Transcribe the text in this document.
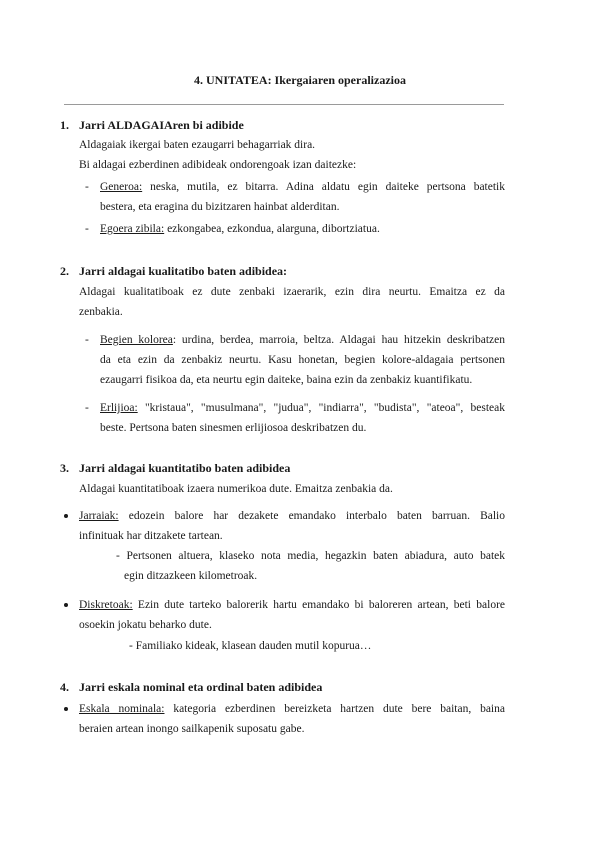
4. UNITATEA: Ikergaiaren operalizazioa
1. Jarri ALDAGAIAren bi adibide
Aldagaiak ikergai baten ezaugarri behagarriak dira.
Bi aldagai ezberdinen adibideak ondorengoak izan daitezke:
- Generoa: neska, mutila, ez bitarra. Adina aldatu egin daiteke pertsona batetik
bestera, eta eragina du bizitzaren hainbat alderditan.
- Egoera zibila: ezkongabea, ezkondua, alarguna, dibortziatua.
2. Jarri aldagai kualitatibo baten adibidea:
Aldagai kualitatiboak ez dute zenbaki izaerarik, ezin dira neurtu. Emaitza ez da
zenbakia.
- Begien kolorea: urdina, berdea, marroia, beltza. Aldagai hau hitzekin deskribatzen
da eta ezin da zenbakiz neurtu. Kasu honetan, begien kolore-aldagaia pertsonen
ezaugarri fisikoa da, eta neurtu egin daiteke, baina ezin da zenbakiz kuantifikatu.
- Erlijioa: "kristaua", "musulmana", "judua", "indiarra", "budista", "ateoa", besteak
beste. Pertsona baten sinesmen erlijiosoa deskribatzen du.
3. Jarri aldagai kuantitatibo baten adibidea
Aldagai kuantitatiboak izaera numerikoa dute. Emaitza zenbakia da.
Jarraiak: edozein balore har dezakete emandako interbalo baten barruan. Balio
infinituak har ditzakete tartean.
- Pertsonen altuera, klaseko nota media, hegazkin baten abiadura, auto batek
egin ditzazkeen kilometroak.
Diskretoak: Ezin dute tarteko balorerik hartu emandako bi baloreren artean, beti balore
osoekin jokatu beharko dute.
- Familiako kideak, klasean dauden mutil kopurua…
4. Jarri eskala nominal eta ordinal baten adibidea
Eskala nominala: kategoria ezberdinen bereizketa hartzen dute bere baitan, baina
beraien artean inongo sailkapenik suposatu gabe.
